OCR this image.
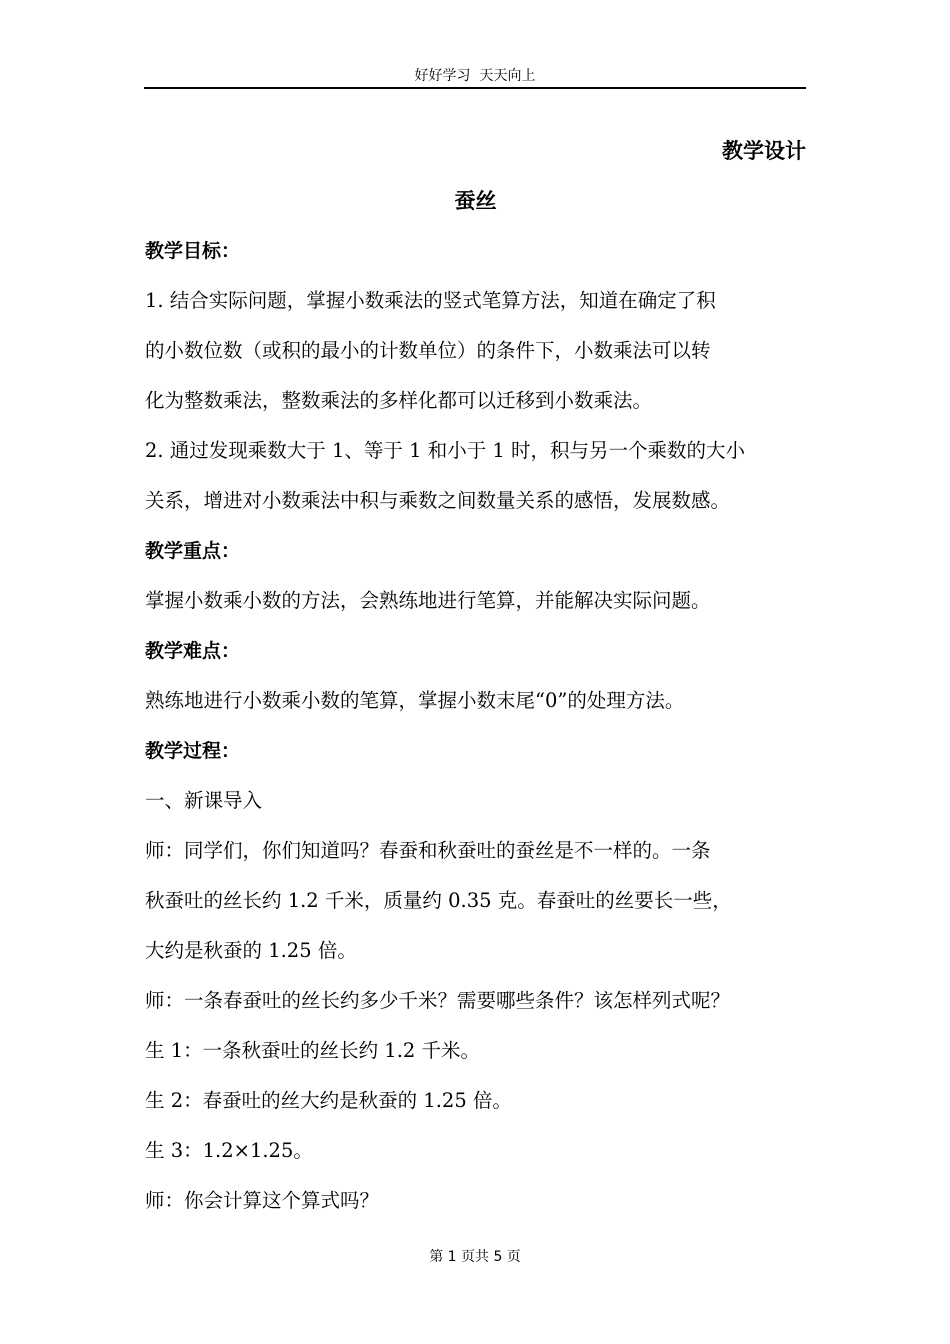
好好学习  天天向上
教学设计
蚕丝
教学目标：
1. 结合实际问题，掌握小数乘法的竖式笔算方法，知道在确定了积
的小数位数（或积的最小的计数单位）的条件下，小数乘法可以转
化为整数乘法，整数乘法的多样化都可以迁移到小数乘法。
2. 通过发现乘数大于 1、等于 1 和小于 1 时，积与另一个乘数的大小
关系，增进对小数乘法中积与乘数之间数量关系的感悟，发展数感。
教学重点：
掌握小数乘小数的方法，会熟练地进行笔算，并能解决实际问题。
教学难点：
熟练地进行小数乘小数的笔算，掌握小数末尾“0”的处理方法。
教学过程：
一、新课导入
师：同学们，你们知道吗？春蚕和秋蚕吐的蚕丝是不一样的。一条
秋蚕吐的丝长约 1.2 千米，质量约 0.35 克。春蚕吐的丝要长一些，
大约是秋蚕的 1.25 倍。
师：一条春蚕吐的丝长约多少千米？需要哪些条件？该怎样列式呢？
生 1：一条秋蚕吐的丝长约 1.2 千米。
生 2：春蚕吐的丝大约是秋蚕的 1.25 倍。
生 3：1.2×1.25。
师：你会计算这个算式吗？
第 1 页共 5 页
